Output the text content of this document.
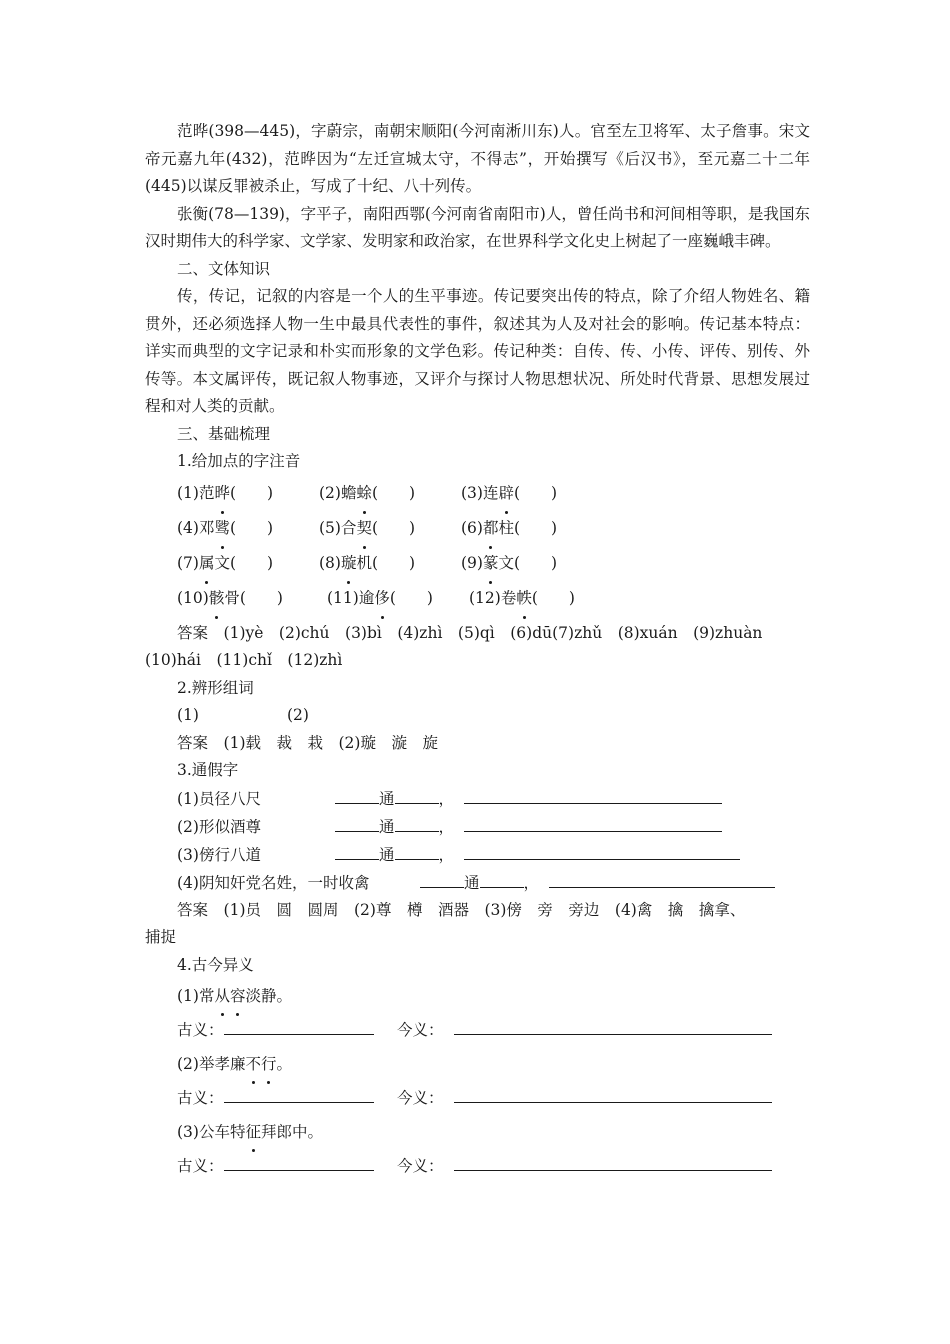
范晔(398—445)，字蔚宗，南朝宋顺阳(今河南淅川东)人。官至左卫将军、太子詹事。宋文帝元嘉九年(432)，范晔因为“左迁宣城太守，不得志”，开始撰写《后汉书》，至元嘉二十二年(445)以谋反罪被杀止，写成了十纪、八十列传。

张衡(78—139)，字平子，南阳西鄂(今河南省南阳市)人，曾任尚书和河间相等职，是我国东汉时期伟大的科学家、文学家、发明家和政治家，在世界科学文化史上树起了一座巍峨丰碑。

二、文体知识

传，传记，记叙的内容是一个人的生平事迹。传记要突出传的特点，除了介绍人物姓名、籍贯外，还必须选择人物一生中最具代表性的事件，叙述其为人及对社会的影响。传记基本特点：详实而典型的文字记录和朴实而形象的文学色彩。传记种类：自传、传、小传、评传、别传、外传等。本文属评传，既记叙人物事迹，又评介与探讨人物思想状况、所处时代背景、思想发展过程和对人类的贡献。

三、基础梳理
1.给加点的字注音
(1)范晔(　　)	(2)蟾蜍(　　)	(3)连辟(　　)
(4)邓骘(　　)	(5)合契(　　)	(6)都柱(　　)
(7)属文(　　)	(8)璇机(　　)	(9)篆文(　　)
(10)骸骨(　　)	(11)逾侈(　　) (12)卷帙(　　)

答案　 (1)yè　(2)chú　(3)bì　(4)zhì　(5)qì　(6)dū(7)zhǔ　(8)xuán　(9)zhuàn

(10)hái　(11)chǐ　(12)zhì

2.辨形组词
(1)	(2)
答案　 (1)载　裁　栽　(2)璇　漩　旋
3.通假字
(1)员径八尺	通	，
(2)形似酒尊	通	，
(3)傍行八道	通	，
(4)阴知奸党名姓，一时收禽	通	，

答案　 (1)员　圆　圆周　(2)尊　樽　酒器　(3)傍　旁　旁边　(4)禽　擒　擒拿、

捕捉

4.古今异义
(1)常从容淡静。
古义：	今义：
(2)举孝廉不行。
古义：	今义：
(3)公车特征拜郎中。
古义：	今义：
